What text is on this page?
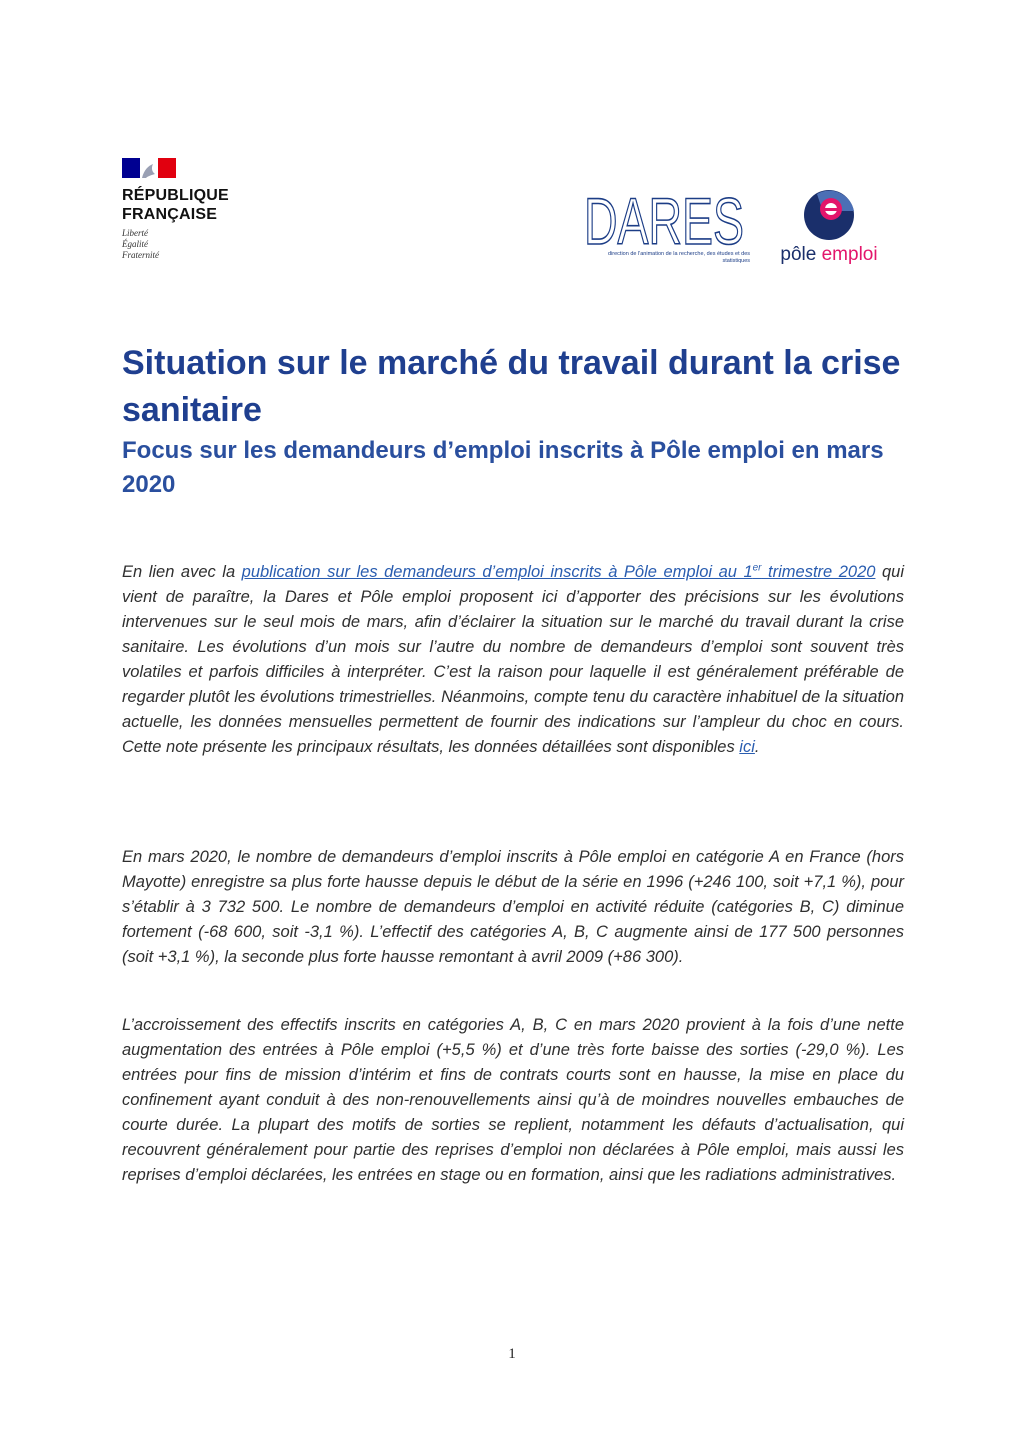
RÉPUBLIQUE
FRANÇAISE
Liberté
Égalité
Fraternité	DARES
direction de l'animation de la recherche, des études et des statistiques	pôle emploi
Situation sur le marché du travail durant la crise sanitaire
Focus sur les demandeurs d’emploi inscrits à Pôle emploi en mars 2020

En lien avec la publication sur les demandeurs d’emploi inscrits à Pôle emploi au 1er trimestre 2020 qui vient de paraître, la Dares et Pôle emploi proposent ici d’apporter des précisions sur les évolutions intervenues sur le seul mois de mars, afin d’éclairer la situation sur le marché du travail durant la crise sanitaire. Les évolutions d’un mois sur l’autre du nombre de demandeurs d’emploi sont souvent très volatiles et parfois difficiles à interpréter. C’est la raison pour laquelle il est généralement préférable de regarder plutôt les évolutions trimestrielles. Néanmoins, compte tenu du caractère inhabituel de la situation actuelle, les données mensuelles permettent de fournir des indications sur l’ampleur du choc en cours. Cette note présente les principaux résultats, les données détaillées sont disponibles ici.

En mars 2020, le nombre de demandeurs d’emploi inscrits à Pôle emploi en catégorie A en France (hors Mayotte) enregistre sa plus forte hausse depuis le début de la série en 1996 (+246 100, soit +7,1 %), pour s’établir à 3 732 500. Le nombre de demandeurs d’emploi en activité réduite (catégories B, C) diminue fortement (-68 600, soit -3,1 %). L’effectif des catégories A, B, C augmente ainsi de 177 500 personnes (soit +3,1 %), la seconde plus forte hausse remontant à avril 2009 (+86 300).

L’accroissement des effectifs inscrits en catégories A, B, C en mars 2020 provient à la fois d’une nette augmentation des entrées à Pôle emploi (+5,5 %) et d’une très forte baisse des sorties (-29,0 %). Les entrées pour fins de mission d’intérim et fins de contrats courts sont en hausse, la mise en place du confinement ayant conduit à des non-renouvellements ainsi qu’à de moindres nouvelles embauches de courte durée. La plupart des motifs de sorties se replient, notamment les défauts d’actualisation, qui recouvrent généralement pour partie des reprises d’emploi non déclarées à Pôle emploi, mais aussi les reprises d’emploi déclarées, les entrées en stage ou en formation, ainsi que les radiations administratives.

1
